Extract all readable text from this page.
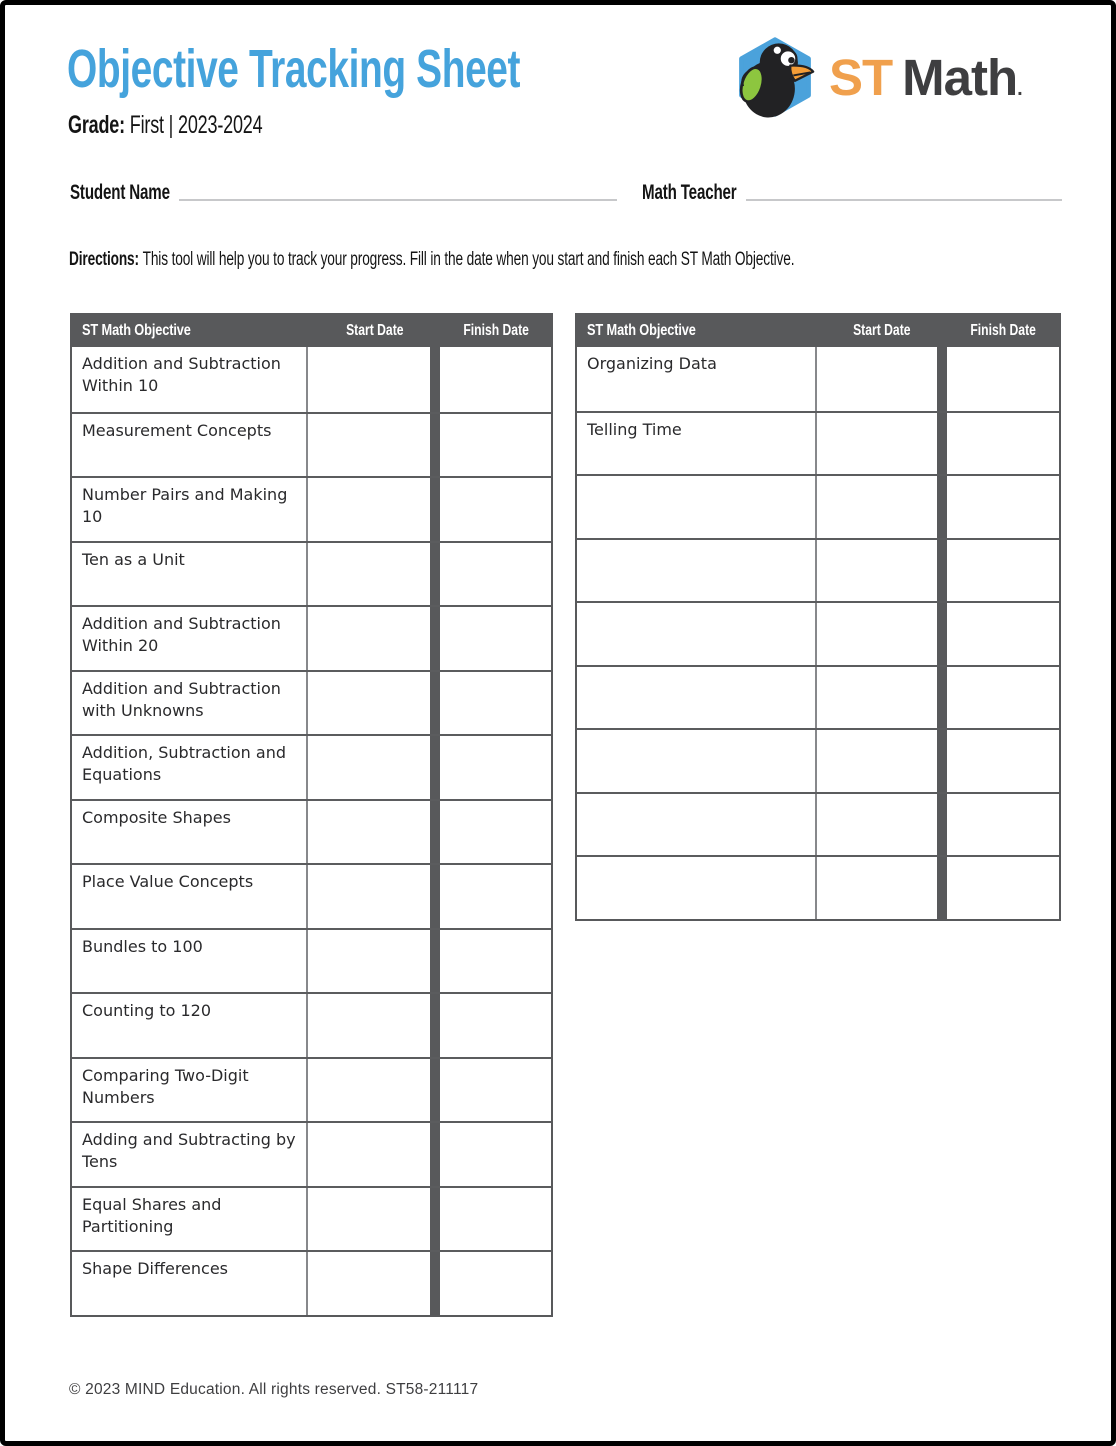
Objective Tracking Sheet
Grade: First | 2023-2024
ST Math .
Student Name	Math Teacher
Directions: This tool will help you to track your progress. Fill in the date when you start and finish each ST Math Objective.
ST Math Objective	Start Date	Finish Date
Addition and Subtraction Within 10
Measurement Concepts
Number Pairs and Making 10
Ten as a Unit
Addition and Subtraction Within 20
Addition and Subtraction with Unknowns
Addition, Subtraction and Equations
Composite Shapes
Place Value Concepts
Bundles to 100
Counting to 120
Comparing Two-Digit Numbers
Adding and Subtracting by Tens
Equal Shares and Partitioning
Shape Differences
ST Math Objective	Start Date	Finish Date
Organizing Data
Telling Time
© 2023 MIND Education. All rights reserved. ST58-211117
